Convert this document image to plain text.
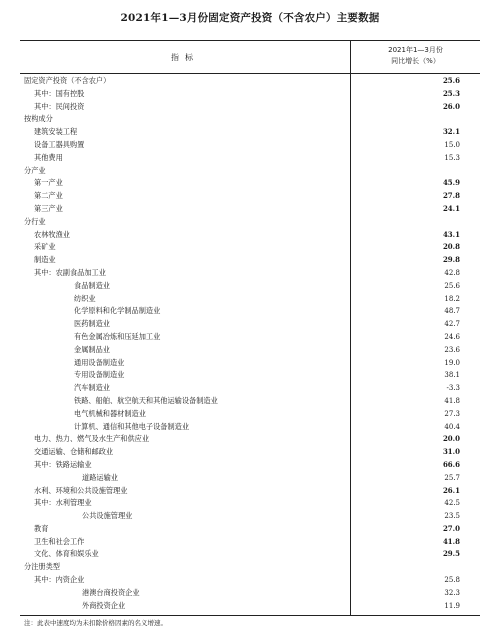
2021年1—3月份固定资产投资（不含农户）主要数据
指标
2021年1—3月份
同比增长（%）
固定资产投资（不含农户）	25.6
其中：国有控股	25.3
其中：民间投资	26.0
按构成分
建筑安装工程	32.1
设备工器具购置	15.0
其他费用	15.3
分产业
第一产业	45.9
第二产业	27.8
第三产业	24.1
分行业
农林牧渔业	43.1
采矿业	20.8
制造业	29.8
其中：农副食品加工业	42.8
食品制造业	25.6
纺织业	18.2
化学原料和化学制品制造业	48.7
医药制造业	42.7
有色金属冶炼和压延加工业	24.6
金属制品业	23.6
通用设备制造业	19.0
专用设备制造业	38.1
汽车制造业	-3.3
铁路、船舶、航空航天和其他运输设备制造业	41.8
电气机械和器材制造业	27.3
计算机、通信和其他电子设备制造业	40.4
电力、热力、燃气及水生产和供应业	20.0
交通运输、仓储和邮政业	31.0
其中：铁路运输业	66.6
道路运输业	25.7
水利、环境和公共设施管理业	26.1
其中：水利管理业	42.5
公共设施管理业	23.5
教育	27.0
卫生和社会工作	41.8
文化、体育和娱乐业	29.5
分注册类型
其中：内资企业	25.8
港澳台商投资企业	32.3
外商投资企业	11.9
注：此表中速度均为未扣除价格因素的名义增速。
